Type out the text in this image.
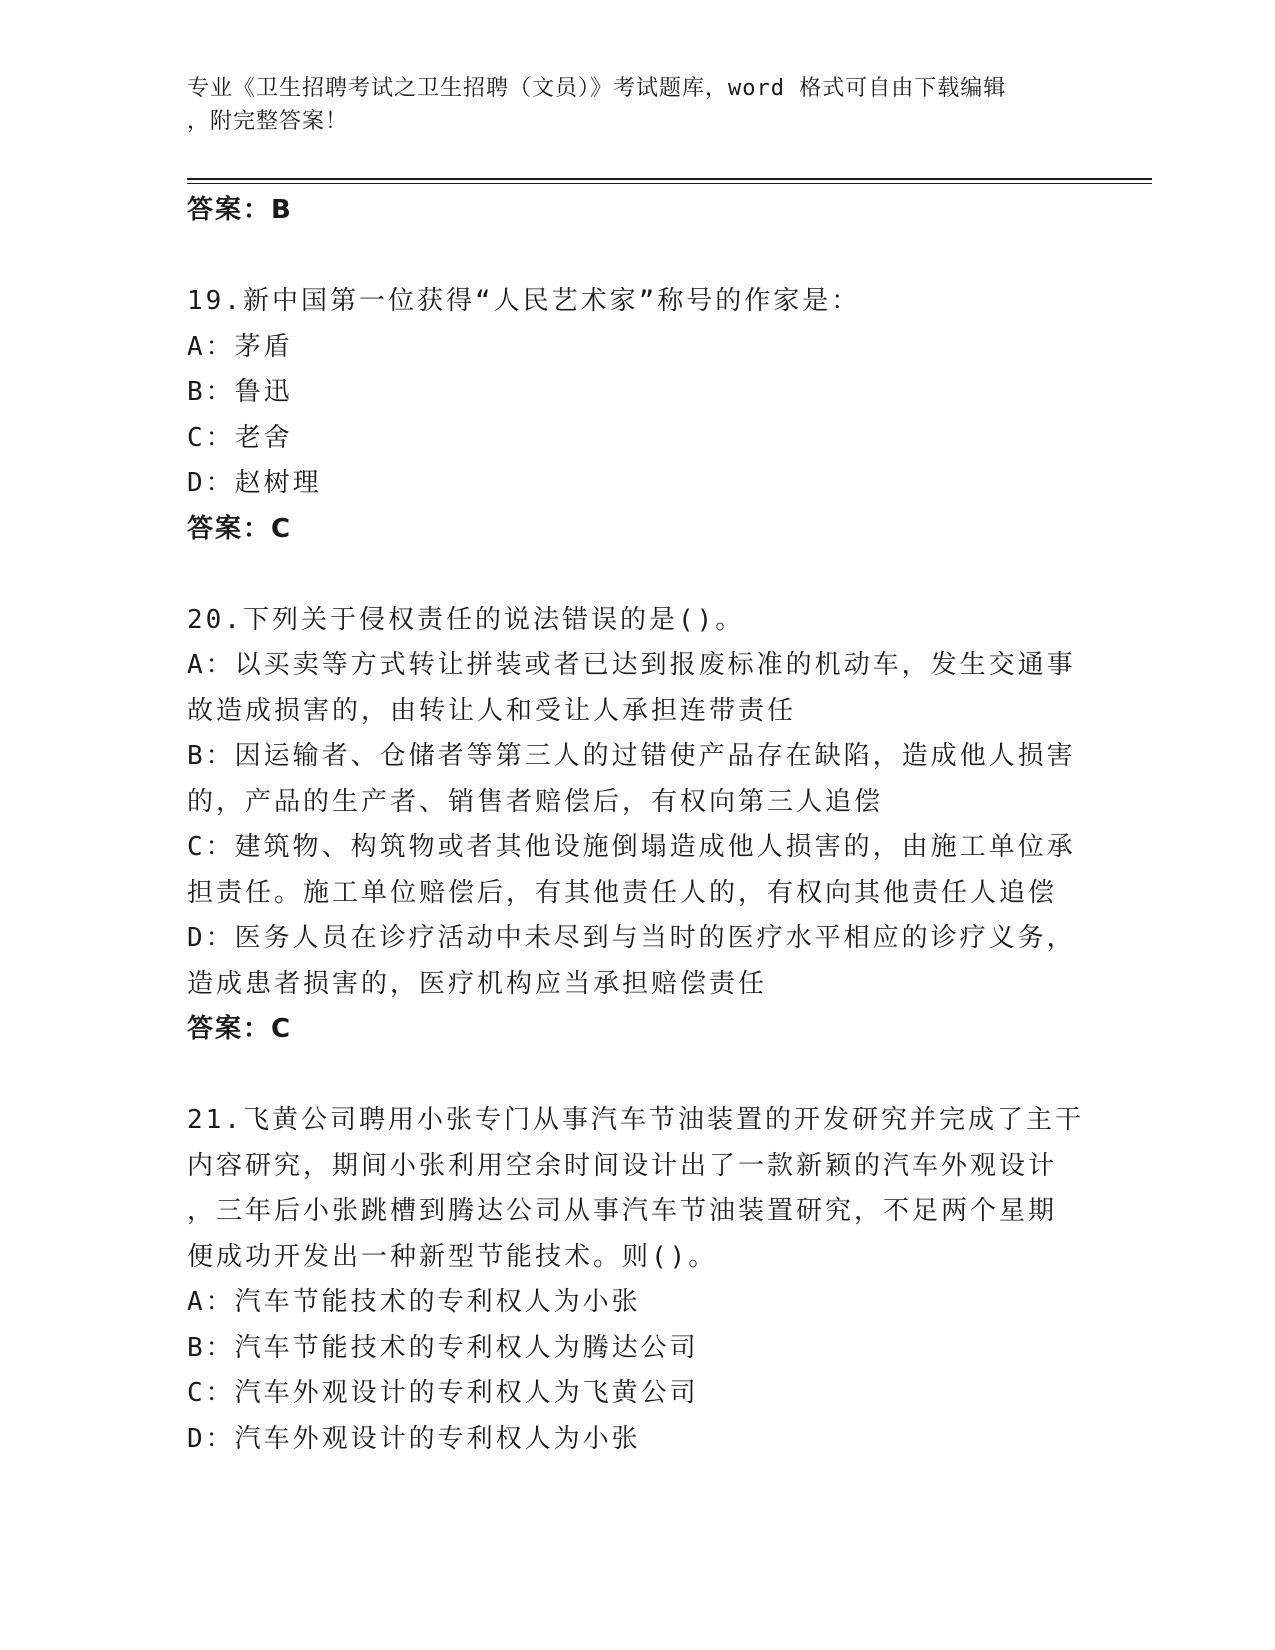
专业《卫生招聘考试之卫生招聘（文员）》考试题库，word 格式可自由下载编辑
，附完整答案！
答案：B
19.新中国第一位获得“人民艺术家”称号的作家是：
A：茅盾
B：鲁迅
C：老舍
D：赵树理
答案：C
20.下列关于侵权责任的说法错误的是()。
A：以买卖等方式转让拼装或者已达到报废标准的机动车，发生交通事
故造成损害的，由转让人和受让人承担连带责任
B：因运输者、仓储者等第三人的过错使产品存在缺陷，造成他人损害
的，产品的生产者、销售者赔偿后，有权向第三人追偿
C：建筑物、构筑物或者其他设施倒塌造成他人损害的，由施工单位承
担责任。施工单位赔偿后，有其他责任人的，有权向其他责任人追偿
D：医务人员在诊疗活动中未尽到与当时的医疗水平相应的诊疗义务，
造成患者损害的，医疗机构应当承担赔偿责任
答案：C
21.飞黄公司聘用小张专门从事汽车节油装置的开发研究并完成了主干
内容研究，期间小张利用空余时间设计出了一款新颖的汽车外观设计
，三年后小张跳槽到腾达公司从事汽车节油装置研究，不足两个星期
便成功开发出一种新型节能技术。则()。
A：汽车节能技术的专利权人为小张
B：汽车节能技术的专利权人为腾达公司
C：汽车外观设计的专利权人为飞黄公司
D：汽车外观设计的专利权人为小张
